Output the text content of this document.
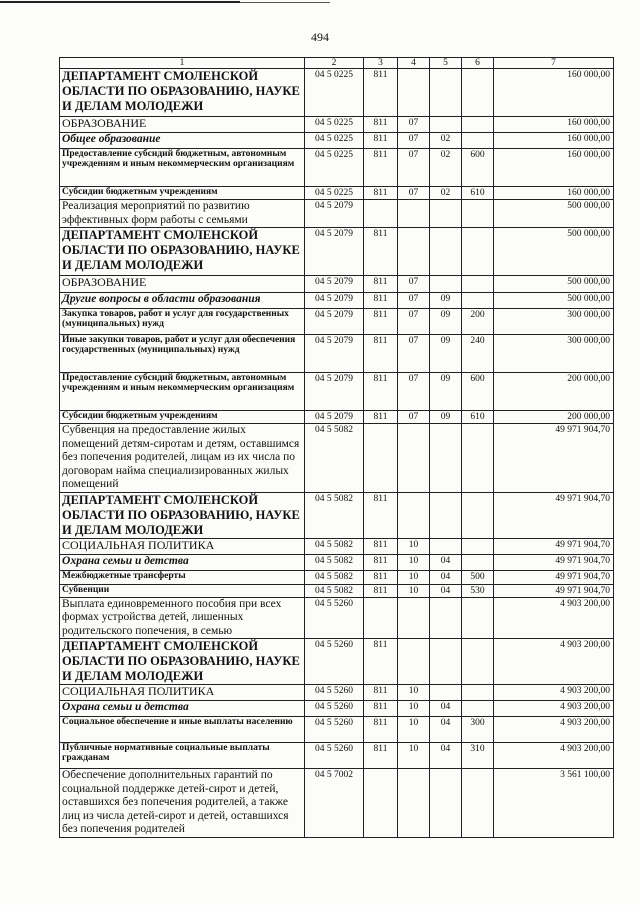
494
1	2	3	4	5	6	7
ДЕПАРТАМЕНТ СМОЛЕНСКОЙ ОБЛАСТИ ПО ОБРАЗОВАНИЮ, НАУКЕ И ДЕЛАМ МОЛОДЕЖИ	04 5 0225	811				160 000,00
ОБРАЗОВАНИЕ	04 5 0225	811	07			160 000,00
Общее образование	04 5 0225	811	07	02		160 000,00
Предоставление субсидий бюджетным, автономным учреждениям и иным некоммерческим организациям	04 5 0225	811	07	02	600	160 000,00
Субсидии бюджетным учреждениям	04 5 0225	811	07	02	610	160 000,00
Реализация мероприятий по развитию эффективных форм работы с семьями	04 5 2079					500 000,00
ДЕПАРТАМЕНТ СМОЛЕНСКОЙ ОБЛАСТИ ПО ОБРАЗОВАНИЮ, НАУКЕ И ДЕЛАМ МОЛОДЕЖИ	04 5 2079	811				500 000,00
ОБРАЗОВАНИЕ	04 5 2079	811	07			500 000,00
Другие вопросы в области образования	04 5 2079	811	07	09		500 000,00
Закупка товаров, работ и услуг для государственных (муниципальных) нужд	04 5 2079	811	07	09	200	300 000,00
Иные закупки товаров, работ и услуг для обеспечения государственных (муниципальных) нужд	04 5 2079	811	07	09	240	300 000,00
Предоставление субсидий бюджетным, автономным учреждениям и иным некоммерческим организациям	04 5 2079	811	07	09	600	200 000,00
Субсидии бюджетным учреждениям	04 5 2079	811	07	09	610	200 000,00
Субвенция на предоставление жилых помещений детям-сиротам и детям, оставшимся без попечения родителей, лицам из их числа по договорам найма специализированных жилых помещений	04 5 5082					49 971 904,70
ДЕПАРТАМЕНТ СМОЛЕНСКОЙ ОБЛАСТИ ПО ОБРАЗОВАНИЮ, НАУКЕ И ДЕЛАМ МОЛОДЕЖИ	04 5 5082	811				49 971 904,70
СОЦИАЛЬНАЯ ПОЛИТИКА	04 5 5082	811	10			49 971 904,70
Охрана семьи и детства	04 5 5082	811	10	04		49 971 904,70
Межбюджетные трансферты	04 5 5082	811	10	04	500	49 971 904,70
Субвенции	04 5 5082	811	10	04	530	49 971 904,70
Выплата единовременного пособия при всех формах устройства детей, лишенных родительского попечения, в семью	04 5 5260					4 903 200,00
ДЕПАРТАМЕНТ СМОЛЕНСКОЙ ОБЛАСТИ ПО ОБРАЗОВАНИЮ, НАУКЕ И ДЕЛАМ МОЛОДЕЖИ	04 5 5260	811				4 903 200,00
СОЦИАЛЬНАЯ ПОЛИТИКА	04 5 5260	811	10			4 903 200,00
Охрана семьи и детства	04 5 5260	811	10	04		4 903 200,00
Социальное обеспечение и иные выплаты населению	04 5 5260	811	10	04	300	4 903 200,00
Публичные нормативные социальные выплаты гражданам	04 5 5260	811	10	04	310	4 903 200,00
Обеспечение дополнительных гарантий по социальной поддержке детей-сирот и детей, оставшихся без попечения родителей, а также лиц из числа детей-сирот и детей, оставшихся без попечения родителей	04 5 7002					3 561 100,00
